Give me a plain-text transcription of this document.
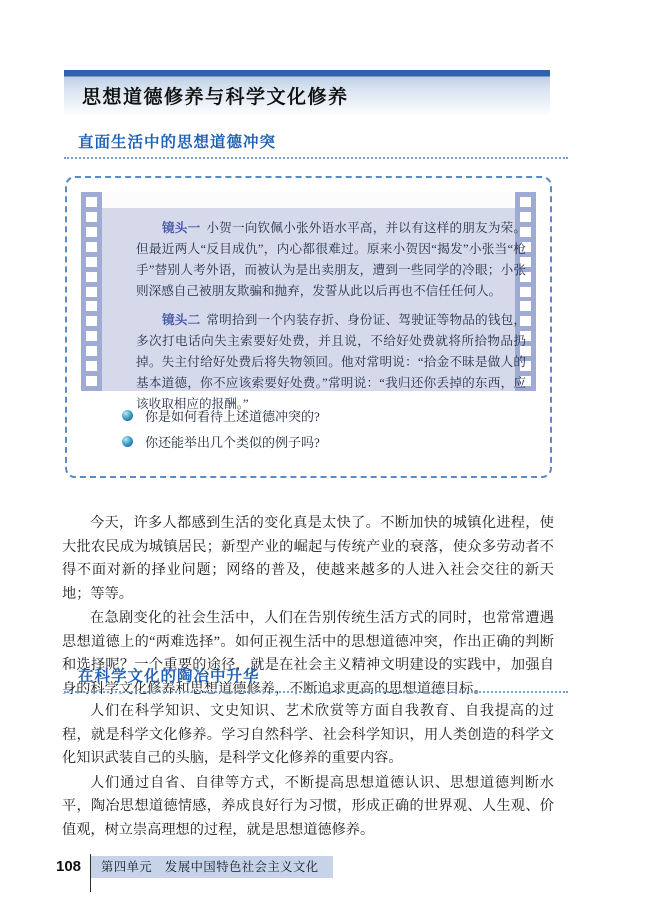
思想道德修养与科学文化修养
直面生活中的思想道德冲突

镜头一 小贺一向钦佩小张外语水平高，并以有这样的朋友为荣。但最近两人“反目成仇”，内心都很难过。原来小贺因“揭发”小张当“枪手”替别人考外语，而被认为是出卖朋友，遭到一些同学的冷眼；小张则深感自己被朋友欺骗和抛弃，发誓从此以后再也不信任任何人。

镜头二 常明拾到一个内装存折、身份证、驾驶证等物品的钱包，多次打电话向失主索要好处费，并且说，不给好处费就将所拾物品扔掉。失主付给好处费后将失物领回。他对常明说：“拾金不昧是做人的基本道德，你不应该索要好处费。”常明说：“我归还你丢掉的东西，应该收取相应的报酬。”

你是如何看待上述道德冲突的?
你还能举出几个类似的例子吗?

今天，许多人都感到生活的变化真是太快了。不断加快的城镇化进程，使大批农民成为城镇居民；新型产业的崛起与传统产业的衰落，使众多劳动者不得不面对新的择业问题；网络的普及，使越来越多的人进入社会交往的新天地；等等。

在急剧变化的社会生活中，人们在告别传统生活方式的同时，也常常遭遇思想道德上的“两难选择”。如何正视生活中的思想道德冲突，作出正确的判断和选择呢？一个重要的途径，就是在社会主义精神文明建设的实践中，加强自身的科学文化修养和思想道德修养，不断追求更高的思想道德目标。

在科学文化的陶冶中升华

人们在科学知识、文史知识、艺术欣赏等方面自我教育、自我提高的过程，就是科学文化修养。学习自然科学、社会科学知识，用人类创造的科学文化知识武装自己的头脑，是科学文化修养的重要内容。

人们通过自省、自律等方式，不断提高思想道德认识、思想道德判断水平，陶冶思想道德情感，养成良好行为习惯，形成正确的世界观、人生观、价值观，树立崇高理想的过程，就是思想道德修养。

108	第四单元　发展中国特色社会主义文化
